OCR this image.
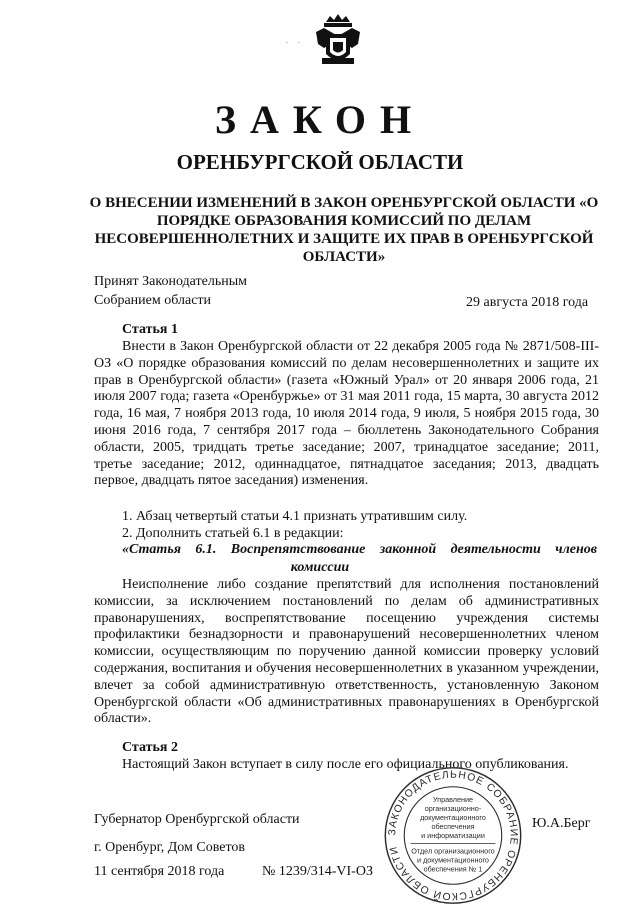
. .
ЗАКОН
ОРЕНБУРГСКОЙ ОБЛАСТИ
О ВНЕСЕНИИ ИЗМЕНЕНИЙ В ЗАКОН ОРЕНБУРГСКОЙ ОБЛАСТИ «О ПОРЯДКЕ ОБРАЗОВАНИЯ КОМИССИЙ ПО ДЕЛАМ НЕСОВЕРШЕННОЛЕТНИХ И ЗАЩИТЕ ИХ ПРАВ В ОРЕНБУРГСКОЙ ОБЛАСТИ»
Принят Законодательным
Собранием области	29 августа 2018 года
Статья 1
Внести в Закон Оренбургской области от 22 декабря 2005 года № 2871/508-III-ОЗ «О порядке образования комиссий по делам несовершеннолетних и защите их прав в Оренбургской области» (газета «Южный Урал» от 20 января 2006 года, 21 июля 2007 года; газета «Оренбуржье» от 31 мая 2011 года, 15 марта, 30 августа 2012 года, 16 мая, 7 ноября 2013 года, 10 июля 2014 года, 9 июля, 5 ноября 2015 года, 30 июня 2016 года, 7 сентября 2017 года – бюллетень Законодательного Собрания области, 2005, тридцать третье заседание; 2007, тринадцатое заседание; 2011, третье заседание; 2012, одиннадцатое, пятнадцатое заседания; 2013, двадцать первое, двадцать пятое заседания) изменения.
1. Абзац четвертый статьи 4.1 признать утратившим силу.
2. Дополнить статьей 6.1 в редакции:
«Статья 6.1. Воспрепятствование законной деятельности членов
комиссии
Неисполнение либо создание препятствий для исполнения постановлений комиссии, за исключением постановлений по делам об административных правонарушениях, воспрепятствование посещению учреждения системы профилактики безнадзорности и правонарушений несовершеннолетних членом комиссии, осуществляющим по поручению данной комиссии проверку условий содержания, воспитания и обучения несовершеннолетних в указанном учреждении, влечет за собой административную ответственность, установленную Законом Оренбургской области «Об административных правонарушениях в Оренбургской области».
Статья 2
Настоящий Закон вступает в силу после его официального опубликования.
Губернатор Оренбургской области	Ю.А.Берг
г. Оренбург, Дом Советов
11 сентября 2018 года	№ 1239/314-VI-ОЗ
ЗАКОНОДАТЕЛЬНОЕ СОБРАНИЕ ОРЕНБУРГСКОЙ ОБЛАСТИ
Управление
организационно-
документационного
обеспечения
и информатизации
Отдел организационного
и документационного
обеспечения № 1
